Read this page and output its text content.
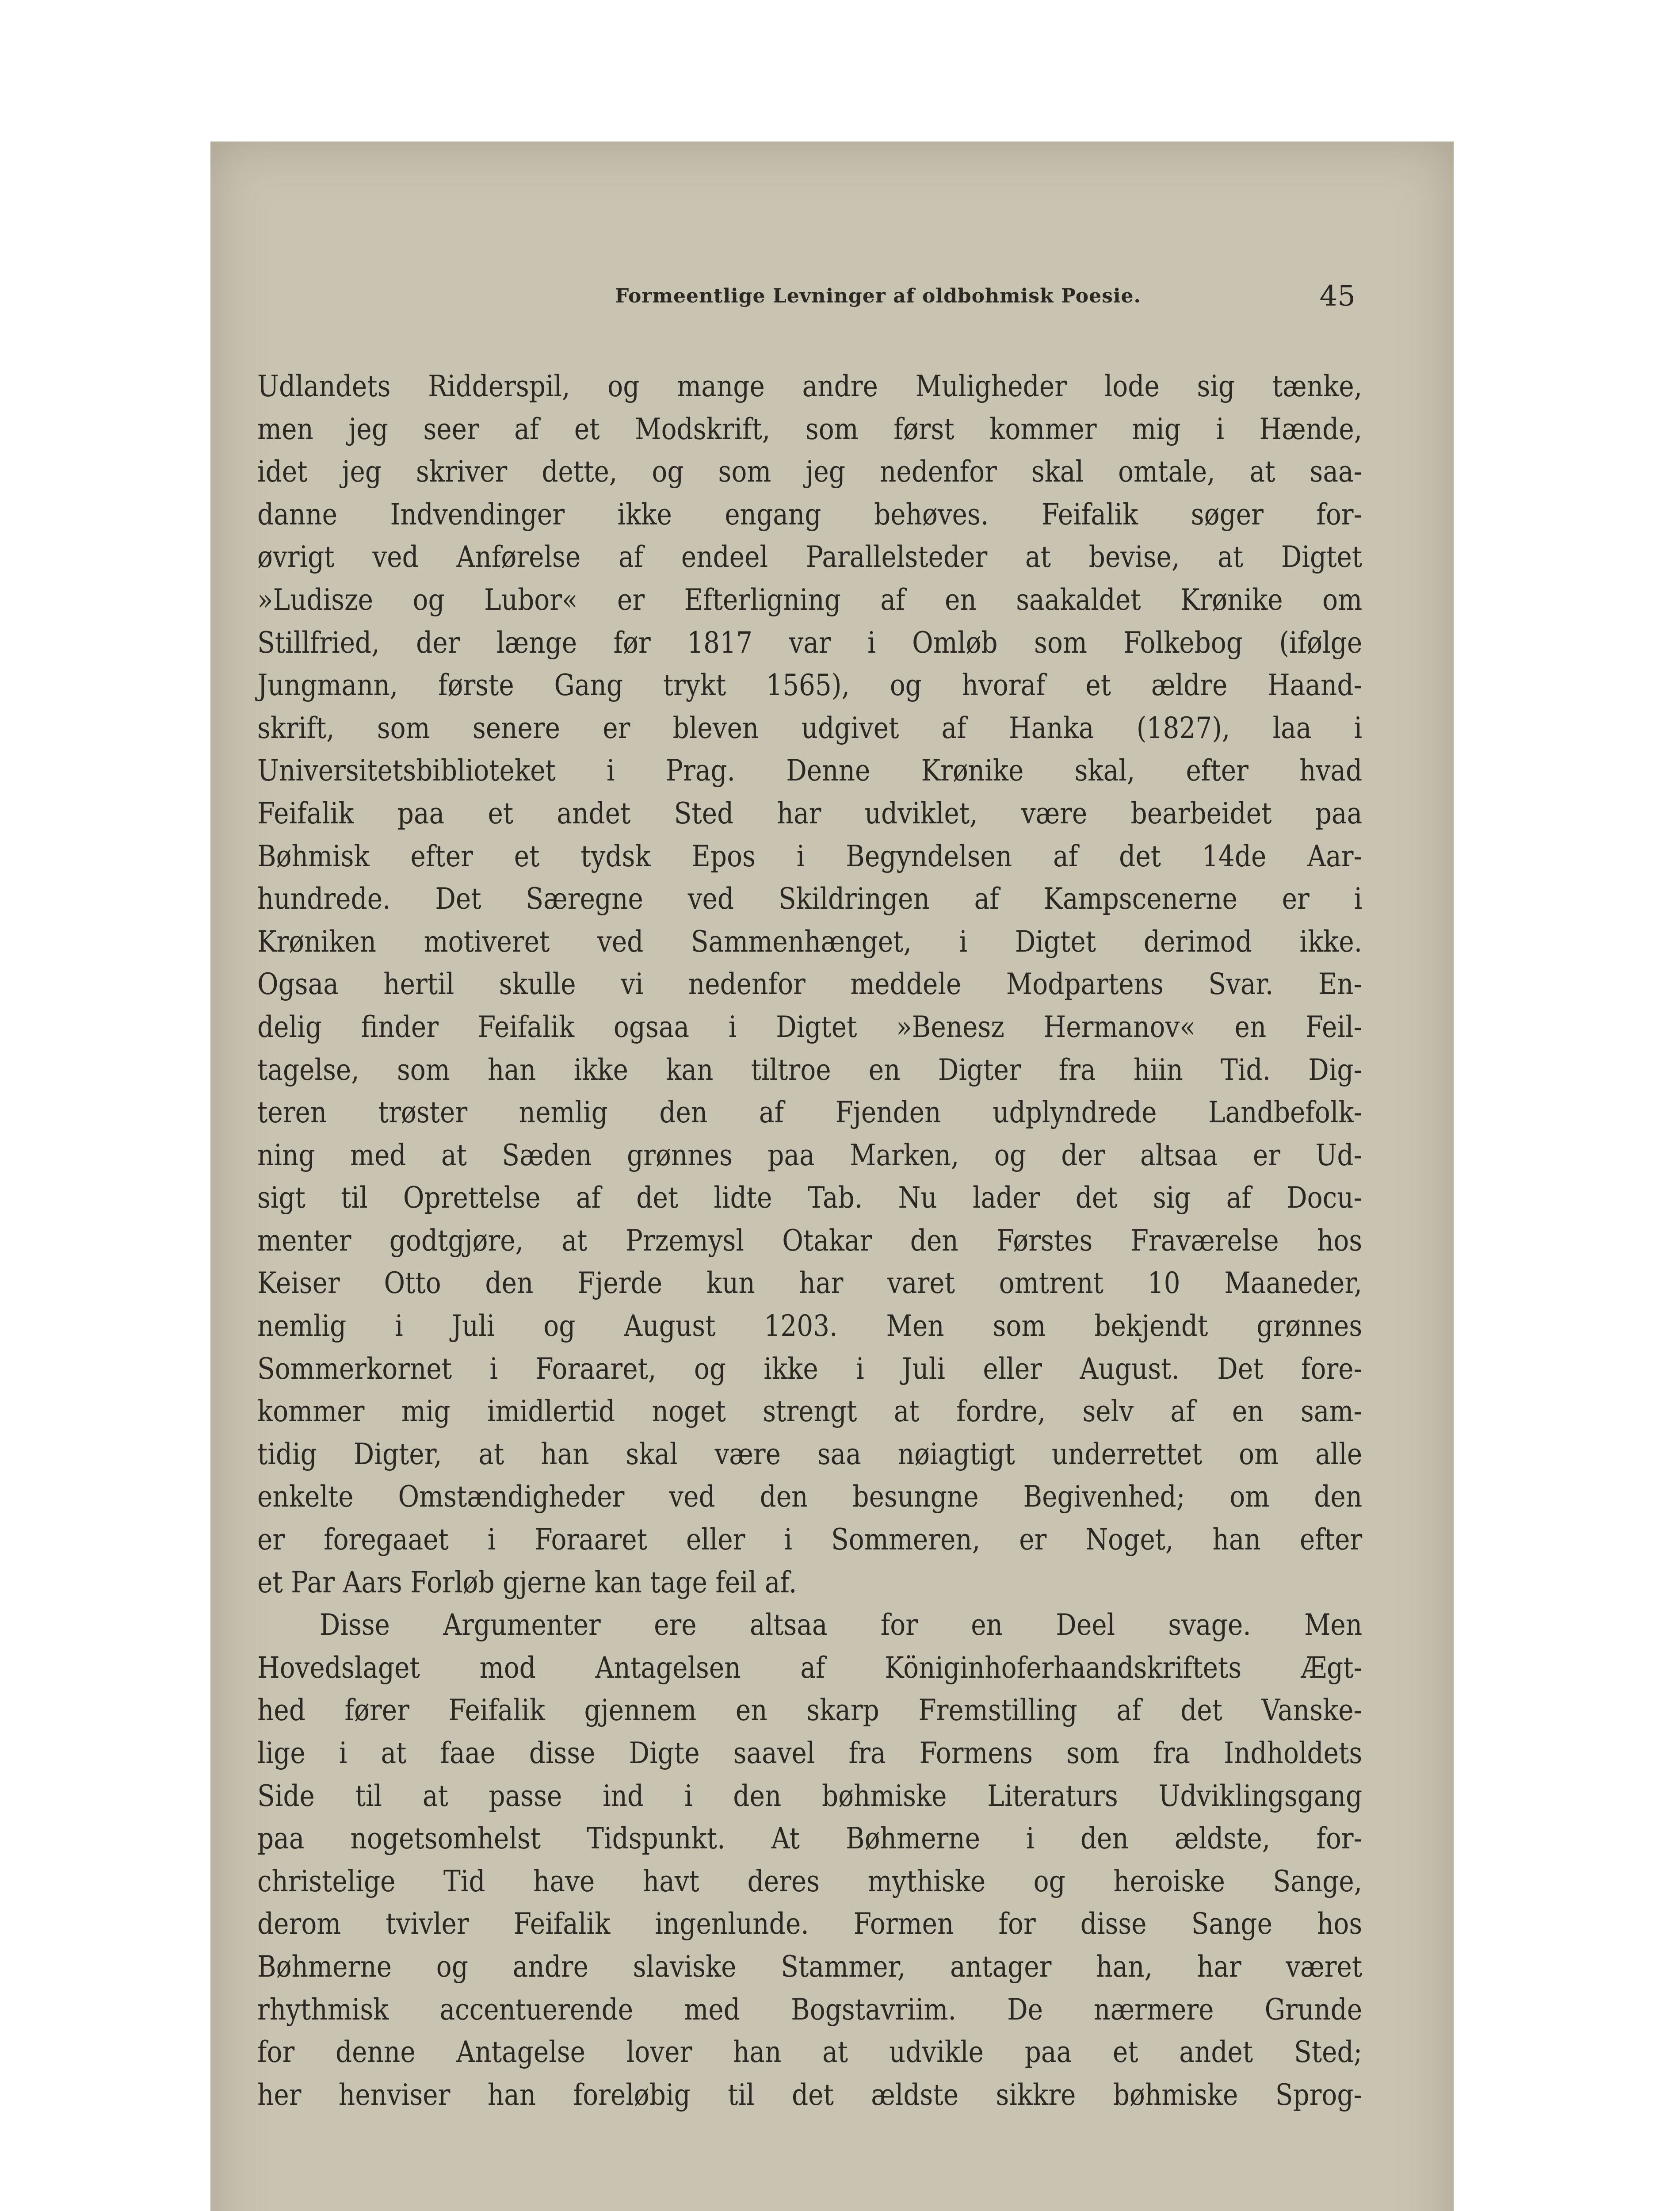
Formeentlige Levninger af oldbohmisk Poesie.	45

Udlandets Ridderspil, og mange andre Muligheder lode sig tænke,
men jeg seer af et Modskrift, som først kommer mig i Hænde,
idet jeg skriver dette, og som jeg nedenfor skal omtale, at saa-
danne Indvendinger ikke engang behøves. Feifalik søger for-
øvrigt ved Anførelse af endeel Parallelsteder at bevise, at Digtet
»Ludisze og Lubor« er Efterligning af en saakaldet Krønike om
Stillfried, der længe før 1817 var i Omløb som Folkebog (ifølge
Jungmann, første Gang trykt 1565), og hvoraf et ældre Haand-
skrift, som senere er bleven udgivet af Hanka (1827), laa i
Universitetsbiblioteket i Prag. Denne Krønike skal, efter hvad
Feifalik paa et andet Sted har udviklet, være bearbeidet paa
Bøhmisk efter et tydsk Epos i Begyndelsen af det 14de Aar-
hundrede. Det Særegne ved Skildringen af Kampscenerne er i
Krøniken motiveret ved Sammenhænget, i Digtet derimod ikke.
Ogsaa hertil skulle vi nedenfor meddele Modpartens Svar. En-
delig finder Feifalik ogsaa i Digtet »Benesz Hermanov« en Feil-
tagelse, som han ikke kan tiltroe en Digter fra hiin Tid. Dig-
teren trøster nemlig den af Fjenden udplyndrede Landbefolk-
ning med at Sæden grønnes paa Marken, og der altsaa er Ud-
sigt til Oprettelse af det lidte Tab. Nu lader det sig af Docu-
menter godtgjøre, at Przemysl Otakar den Førstes Fraværelse hos
Keiser Otto den Fjerde kun har varet omtrent 10 Maaneder,
nemlig i Juli og August 1203. Men som bekjendt grønnes
Sommerkornet i Foraaret, og ikke i Juli eller August. Det fore-
kommer mig imidlertid noget strengt at fordre, selv af en sam-
tidig Digter, at han skal være saa nøiagtigt underrettet om alle
enkelte Omstændigheder ved den besungne Begivenhed; om den
er foregaaet i Foraaret eller i Sommeren, er Noget, han efter
et Par Aars Forløb gjerne kan tage feil af.
Disse Argumenter ere altsaa for en Deel svage. Men
Hovedslaget mod Antagelsen af Königinhoferhaandskriftets Ægt-
hed fører Feifalik gjennem en skarp Fremstilling af det Vanske-
lige i at faae disse Digte saavel fra Formens som fra Indholdets
Side til at passe ind i den bøhmiske Literaturs Udviklingsgang
paa nogetsomhelst Tidspunkt. At Bøhmerne i den ældste, for-
christelige Tid have havt deres mythiske og heroiske Sange,
derom tvivler Feifalik ingenlunde. Formen for disse Sange hos
Bøhmerne og andre slaviske Stammer, antager han, har været
rhythmisk accentuerende med Bogstavriim. De nærmere Grunde
for denne Antagelse lover han at udvikle paa et andet Sted;
her henviser han foreløbig til det ældste sikkre bøhmiske Sprog-
